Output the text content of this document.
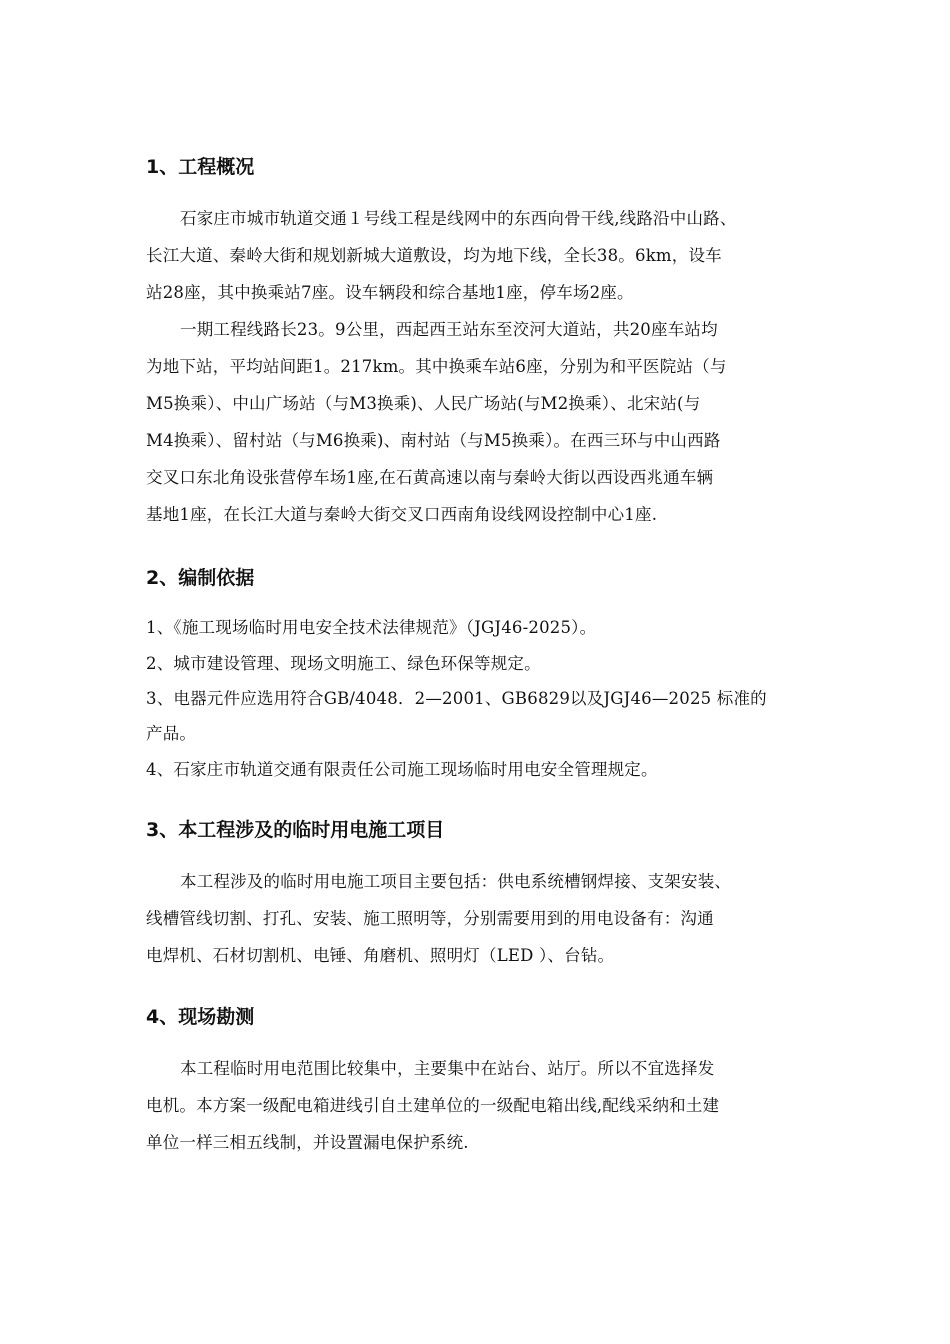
1、工程概况
石家庄市城市轨道交通１号线工程是线网中的东西向骨干线,线路沿中山路、
长江大道、秦岭大街和规划新城大道敷设，均为地下线，全长38。6km，设车
站28座，其中换乘站7座。设车辆段和综合基地1座，停车场2座。
一期工程线路长23。9公里，西起西王站东至洨河大道站，共20座车站均
为地下站，平均站间距1。217km。其中换乘车站6座，分别为和平医院站（与
M5换乘）、中山广场站（与M3换乘)、人民广场站(与M2换乘）、北宋站(与
M4换乘）、留村站（与M6换乘)、南村站（与M5换乘）。在西三环与中山西路
交叉口东北角设张营停车场1座,在石黄高速以南与秦岭大街以西设西兆通车辆
基地1座，在长江大道与秦岭大街交叉口西南角设线网设控制中心1座.
2、编制依据
1、《施工现场临时用电安全技术法律规范》（JGJ46-2025）。
2、城市建设管理、现场文明施工、绿色环保等规定。
3、电器元件应选用符合GB/4048．2—2001、GB6829以及JGJ46—2025 标准的
产品。
4、石家庄市轨道交通有限责任公司施工现场临时用电安全管理规定。
3、本工程涉及的临时用电施工项目
本工程涉及的临时用电施工项目主要包括：供电系统槽钢焊接、支架安装、
线槽管线切割、打孔、安装、施工照明等，分别需要用到的用电设备有：沟通
电焊机、石材切割机、电锤、角磨机、照明灯（LED ）、台钻。
4、现场勘测
本工程临时用电范围比较集中，主要集中在站台、站厅。所以不宜选择发
电机。本方案一级配电箱进线引自土建单位的一级配电箱出线,配线采纳和土建
单位一样三相五线制，并设置漏电保护系统.
